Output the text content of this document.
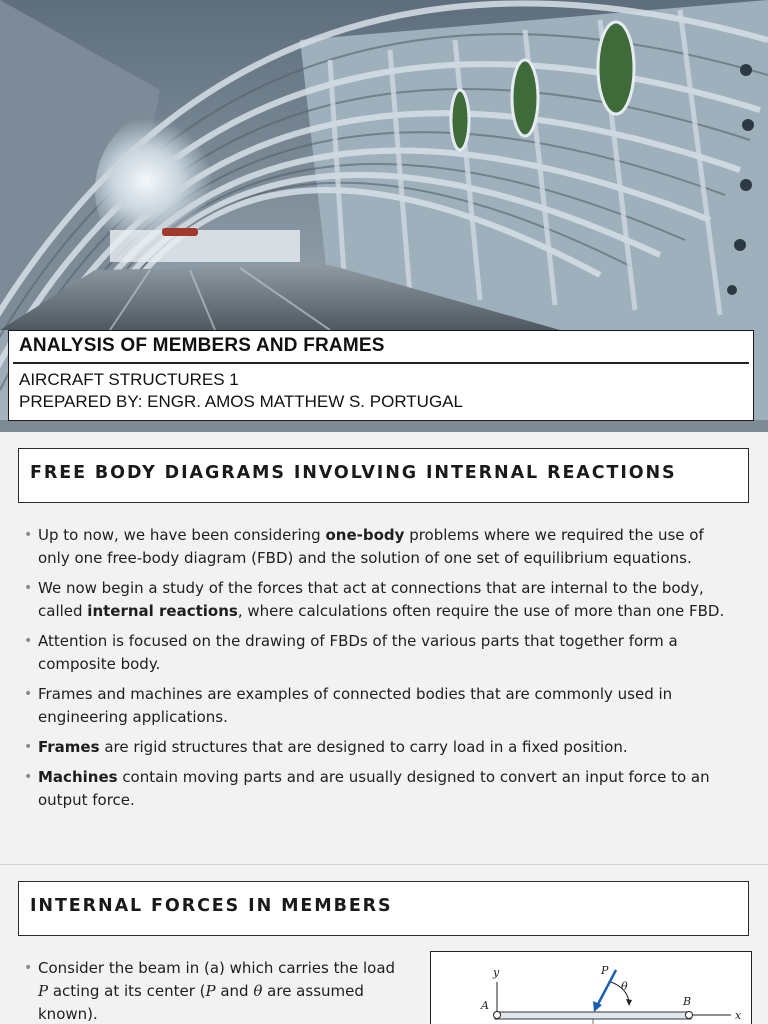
ANALYSIS OF MEMBERS AND FRAMES
AIRCRAFT STRUCTURES 1
PREPARED BY: ENGR. AMOS MATTHEW S. PORTUGAL
FREE BODY DIAGRAMS INVOLVING INTERNAL REACTIONS
• Up to now, we have been considering one-body problems where we required the use of only one free-body diagram (FBD) and the solution of one set of equilibrium equations.
• We now begin a study of the forces that act at connections that are internal to the body, called internal reactions, where calculations often require the use of more than one FBD.
• Attention is focused on the drawing of FBDs of the various parts that together form a composite body.
• Frames and machines are examples of connected bodies that are commonly used in engineering applications.
• Frames are rigid structures that are designed to carry load in a fixed position.
• Machines contain moving parts and are usually designed to convert an input force to an output force.
INTERNAL FORCES IN MEMBERS
• Consider the beam in (a) which carries the load
P acting at its center (P and θ are assumed
known).
y
x
A	B
P
θ
